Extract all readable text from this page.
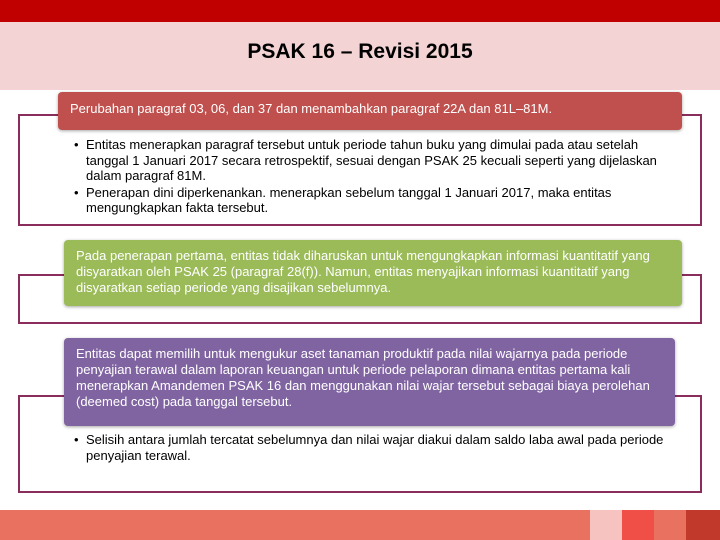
PSAK 16 – Revisi 2015
Perubahan paragraf 03, 06, dan 37 dan menambahkan paragraf 22A dan 81L–81M.
• Entitas menerapkan paragraf tersebut untuk periode tahun buku yang dimulai pada atau setelah tanggal 1 Januari 2017 secara retrospektif, sesuai dengan PSAK 25 kecuali seperti yang dijelaskan dalam paragraf 81M.
• Penerapan dini diperkenankan. menerapkan sebelum tanggal 1 Januari 2017, maka entitas mengungkapkan fakta tersebut.
Pada penerapan pertama, entitas tidak diharuskan untuk mengungkapkan informasi kuantitatif yang disyaratkan oleh PSAK 25 (paragraf 28(f)). Namun, entitas menyajikan informasi kuantitatif yang disyaratkan setiap periode yang disajikan sebelumnya.
Entitas dapat memilih untuk mengukur aset tanaman produktif pada nilai wajarnya pada periode penyajian terawal dalam laporan keuangan untuk periode pelaporan dimana entitas pertama kali menerapkan Amandemen PSAK 16 dan menggunakan nilai wajar tersebut sebagai biaya perolehan (deemed cost) pada tanggal tersebut.
• Selisih antara jumlah tercatat sebelumnya dan nilai wajar diakui dalam saldo laba awal pada periode penyajian terawal.
